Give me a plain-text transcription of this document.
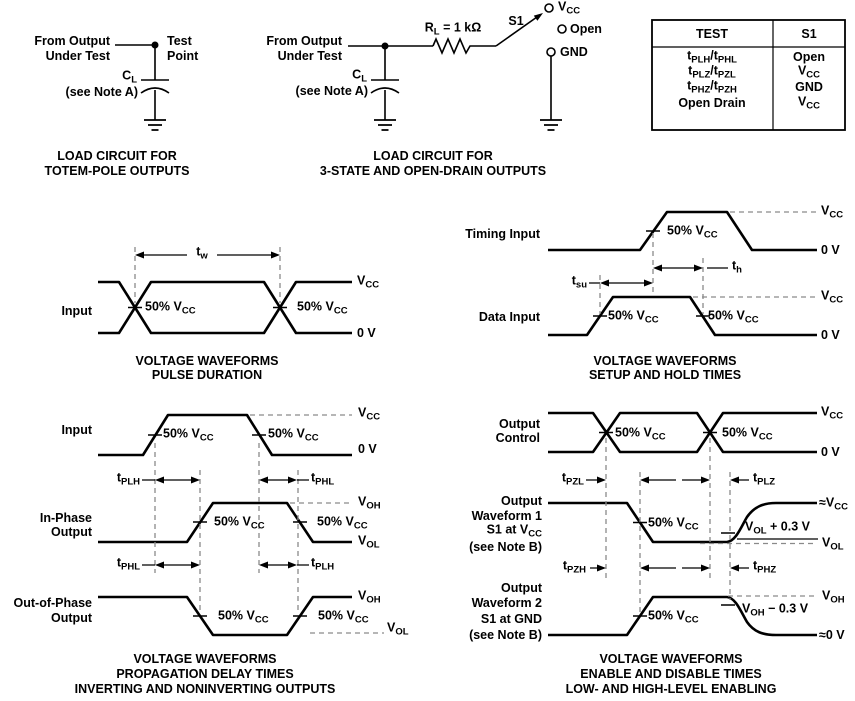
From Output
Under Test
Test
Point
$C_L$
(see Note A)
LOAD CIRCUIT FOR
TOTEM-POLE OUTPUTS
From Output
Under Test
$C_L$
(see Note A)
$R_L = 1$ kΩ S1
$V_{CC}$
Open
GND
LOAD CIRCUIT FOR
3-STATE AND OPEN-DRAIN OUTPUTS
TEST	S1
$t_{PLH}/t_{PHL}$	Open
$t_{PLZ}/t_{PZL}$	$V_{CC}$
$t_{PHZ}/t_{PZH}$	GND
Open Drain	$V_{CC}$
Input
$t_w$
50% $V_{CC}$	50% $V_{CC}$
$V_{CC}$
0 V
VOLTAGE WAVEFORMS
PULSE DURATION
Timing Input
Data Input
50% $V_{CC}$
50% $V_{CC}$	50% $V_{CC}$
$V_{CC}$
0 V
$V_{CC}$
0 V
$t_{su}$
$t_h$
VOLTAGE WAVEFORMS
SETUP AND HOLD TIMES
Input
In-Phase
Output
Out-of-Phase
Output
$t_{PLH}$	$t_{PHL}$
$t_{PHL}$	$t_{PLH}$
50% $V_{CC}$	50% $V_{CC}$
50% $V_{CC}$	50% $V_{CC}$
50% $V_{CC}$	50% $V_{CC}$
$V_{CC}$
0 V
$V_{OH}$
$V_{OL}$
$V_{OH}$
$V_{OL}$
VOLTAGE WAVEFORMS
PROPAGATION DELAY TIMES
INVERTING AND NONINVERTING OUTPUTS
Output
Control	50% $V_{CC}$	50% $V_{CC}$
$V_{CC}$
0 V
$t_{PZL}$	$t_{PLZ}$
$t_{PZH}$	$t_{PHZ}$
Output
Waveform 1
S1 at $V_{CC}$
(see Note B)
50% $V_{CC}$
$\approx V_{CC}$
$V_{OL} + 0.3$ V
$V_{OL}$
Output
Waveform 2
S1 at GND
(see Note B)
50% $V_{CC}$
$V_{OH}$
$V_{OH} - 0.3$ V
≈0 V
VOLTAGE WAVEFORMS
ENABLE AND DISABLE TIMES
LOW- AND HIGH-LEVEL ENABLING
